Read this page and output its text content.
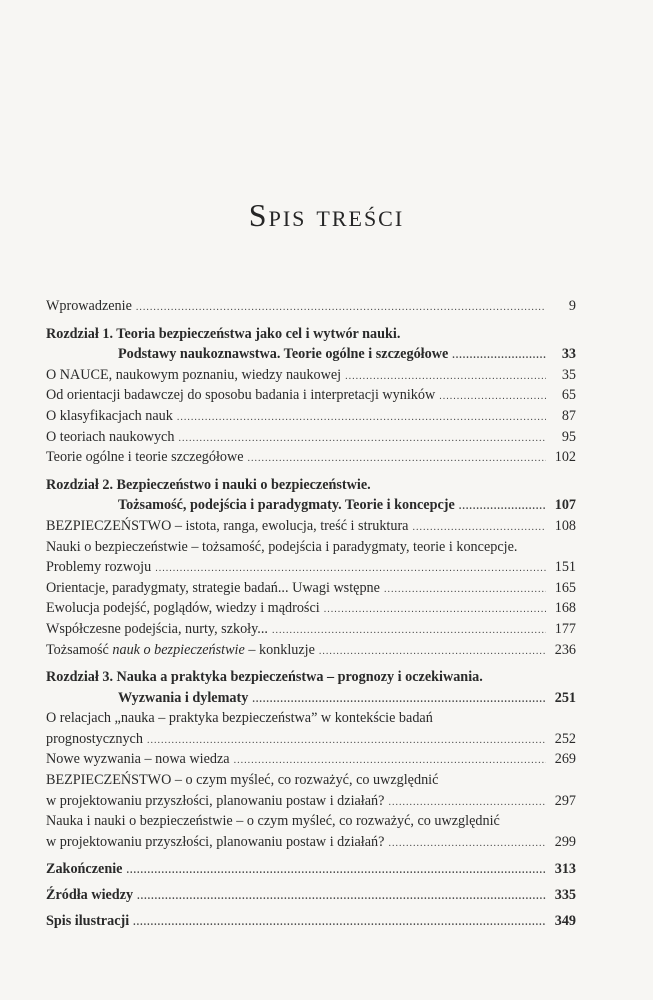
Spis treści
Wprowadzenie .....	9
Rozdział 1. Teoria bezpieczeństwa jako cel i wytwór nauki.
Podstawy naukoznawstwa. Teorie ogólne i szczegółowe .....	33
O NAUCE, naukowym poznaniu, wiedzy naukowej .....	35
Od orientacji badawczej do sposobu badania i interpretacji wyników .....	65
O klasyfikacjach nauk .....	87
O teoriach naukowych .....	95
Teorie ogólne i teorie szczegółowe .....	102
Rozdział 2. Bezpieczeństwo i nauki o bezpieczeństwie.
Tożsamość, podejścia i paradygmaty. Teorie i koncepcje .....	107
BEZPIECZEŃSTWO – istota, ranga, ewolucja, treść i struktura .....	108
Nauki o bezpieczeństwie – tożsamość, podejścia i paradygmaty, teorie i koncepcje.
Problemy rozwoju .....	151
Orientacje, paradygmaty, strategie badań... Uwagi wstępne .....	165
Ewolucja podejść, poglądów, wiedzy i mądrości .....	168
Współczesne podejścia, nurty, szkoły... .....	177
Tożsamość nauk o bezpieczeństwie – konkluzje .....	236
Rozdział 3. Nauka a praktyka bezpieczeństwa – prognozy i oczekiwania.
Wyzwania i dylematy .....	251
O relacjach „nauka – praktyka bezpieczeństwa” w kontekście badań
prognostycznych .....	252
Nowe wyzwania – nowa wiedza .....	269
BEZPIECZEŃSTWO – o czym myśleć, co rozważyć, co uwzględnić
w projektowaniu przyszłości, planowaniu postaw i działań? .....	297
Nauka i nauki o bezpieczeństwie – o czym myśleć, co rozważyć, co uwzględnić
w projektowaniu przyszłości, planowaniu postaw i działań? .....	299
Zakończenie .....	313
Źródła wiedzy .....	335
Spis ilustracji .....	349
